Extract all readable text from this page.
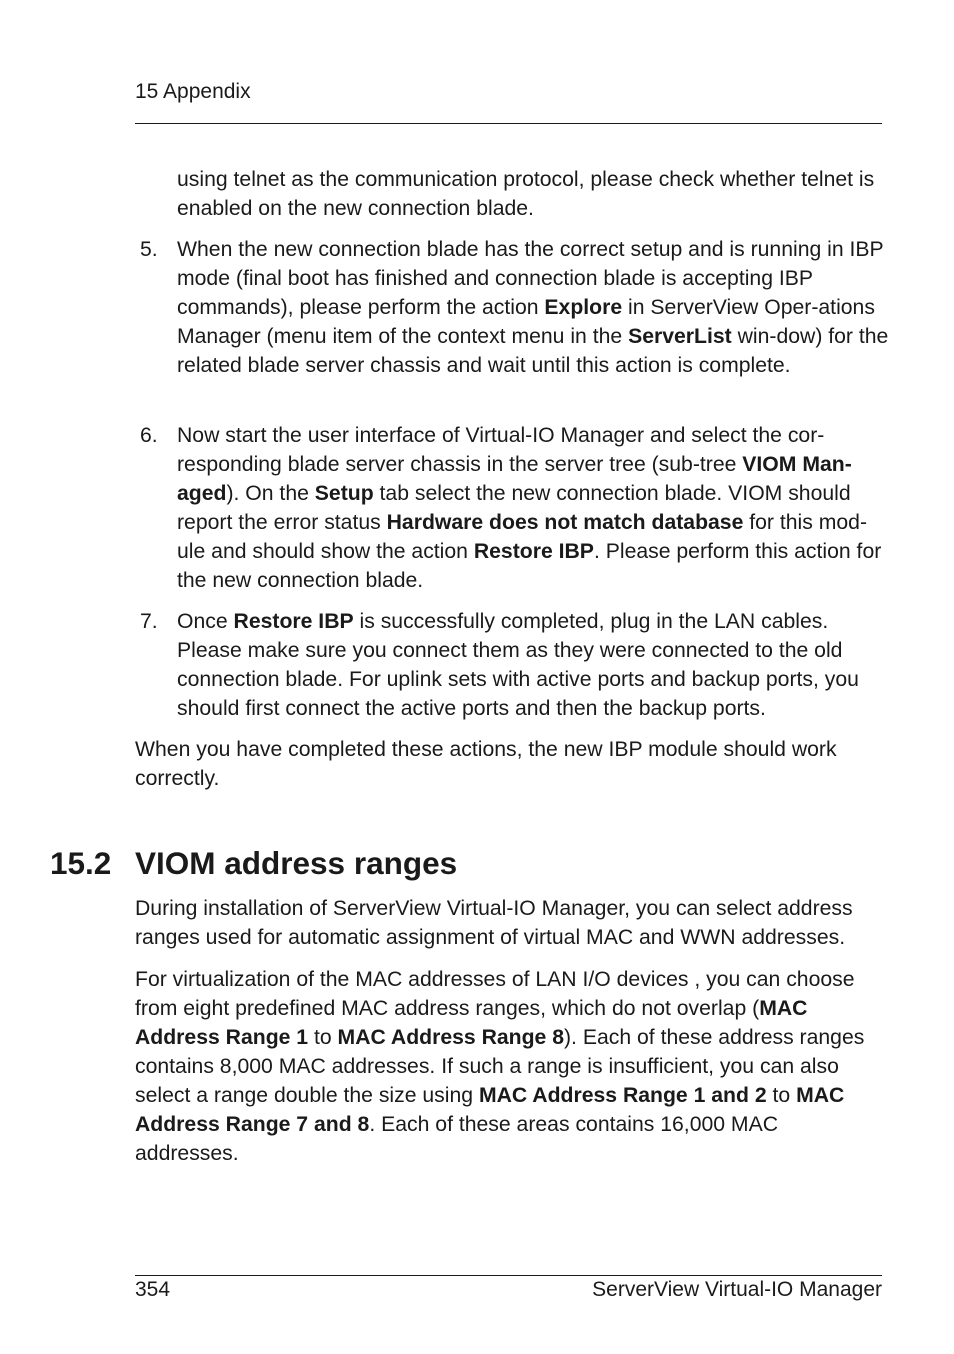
15 Appendix

using telnet as the communication protocol, please check whether telnet is enabled on the new connection blade.

5. When the new connection blade has the correct setup and is running in IBP mode (final boot has finished and connection blade is accepting IBP commands), please perform the action Explore in ServerView Oper-ations Manager (menu item of the context menu in the ServerList win-dow) for the related blade server chassis and wait until this action is complete.
6. Now start the user interface of Virtual-IO Manager and select the cor-responding blade server chassis in the server tree (sub-tree VIOM Man-aged). On the Setup tab select the new connection blade. VIOM should report the error status Hardware does not match database for this mod-ule and should show the action Restore IBP. Please perform this action for the new connection blade.
7. Once Restore IBP is successfully completed, plug in the LAN cables. Please make sure you connect them as they were connected to the old connection blade. For uplink sets with active ports and backup ports, you should first connect the active ports and then the backup ports.

When you have completed these actions, the new IBP module should work correctly.

15.2 VIOM address ranges

During installation of ServerView Virtual-IO Manager, you can select address ranges used for automatic assignment of virtual MAC and WWN addresses.

For virtualization of the MAC addresses of LAN I/O devices , you can choose from eight predefined MAC address ranges, which do not overlap (MAC Address Range 1 to MAC Address Range 8). Each of these address ranges contains 8,000 MAC addresses. If such a range is insufficient, you can also select a range double the size using MAC Address Range 1 and 2 to MAC Address Range 7 and 8. Each of these areas contains 16,000 MAC addresses.

354	ServerView Virtual-IO Manager
